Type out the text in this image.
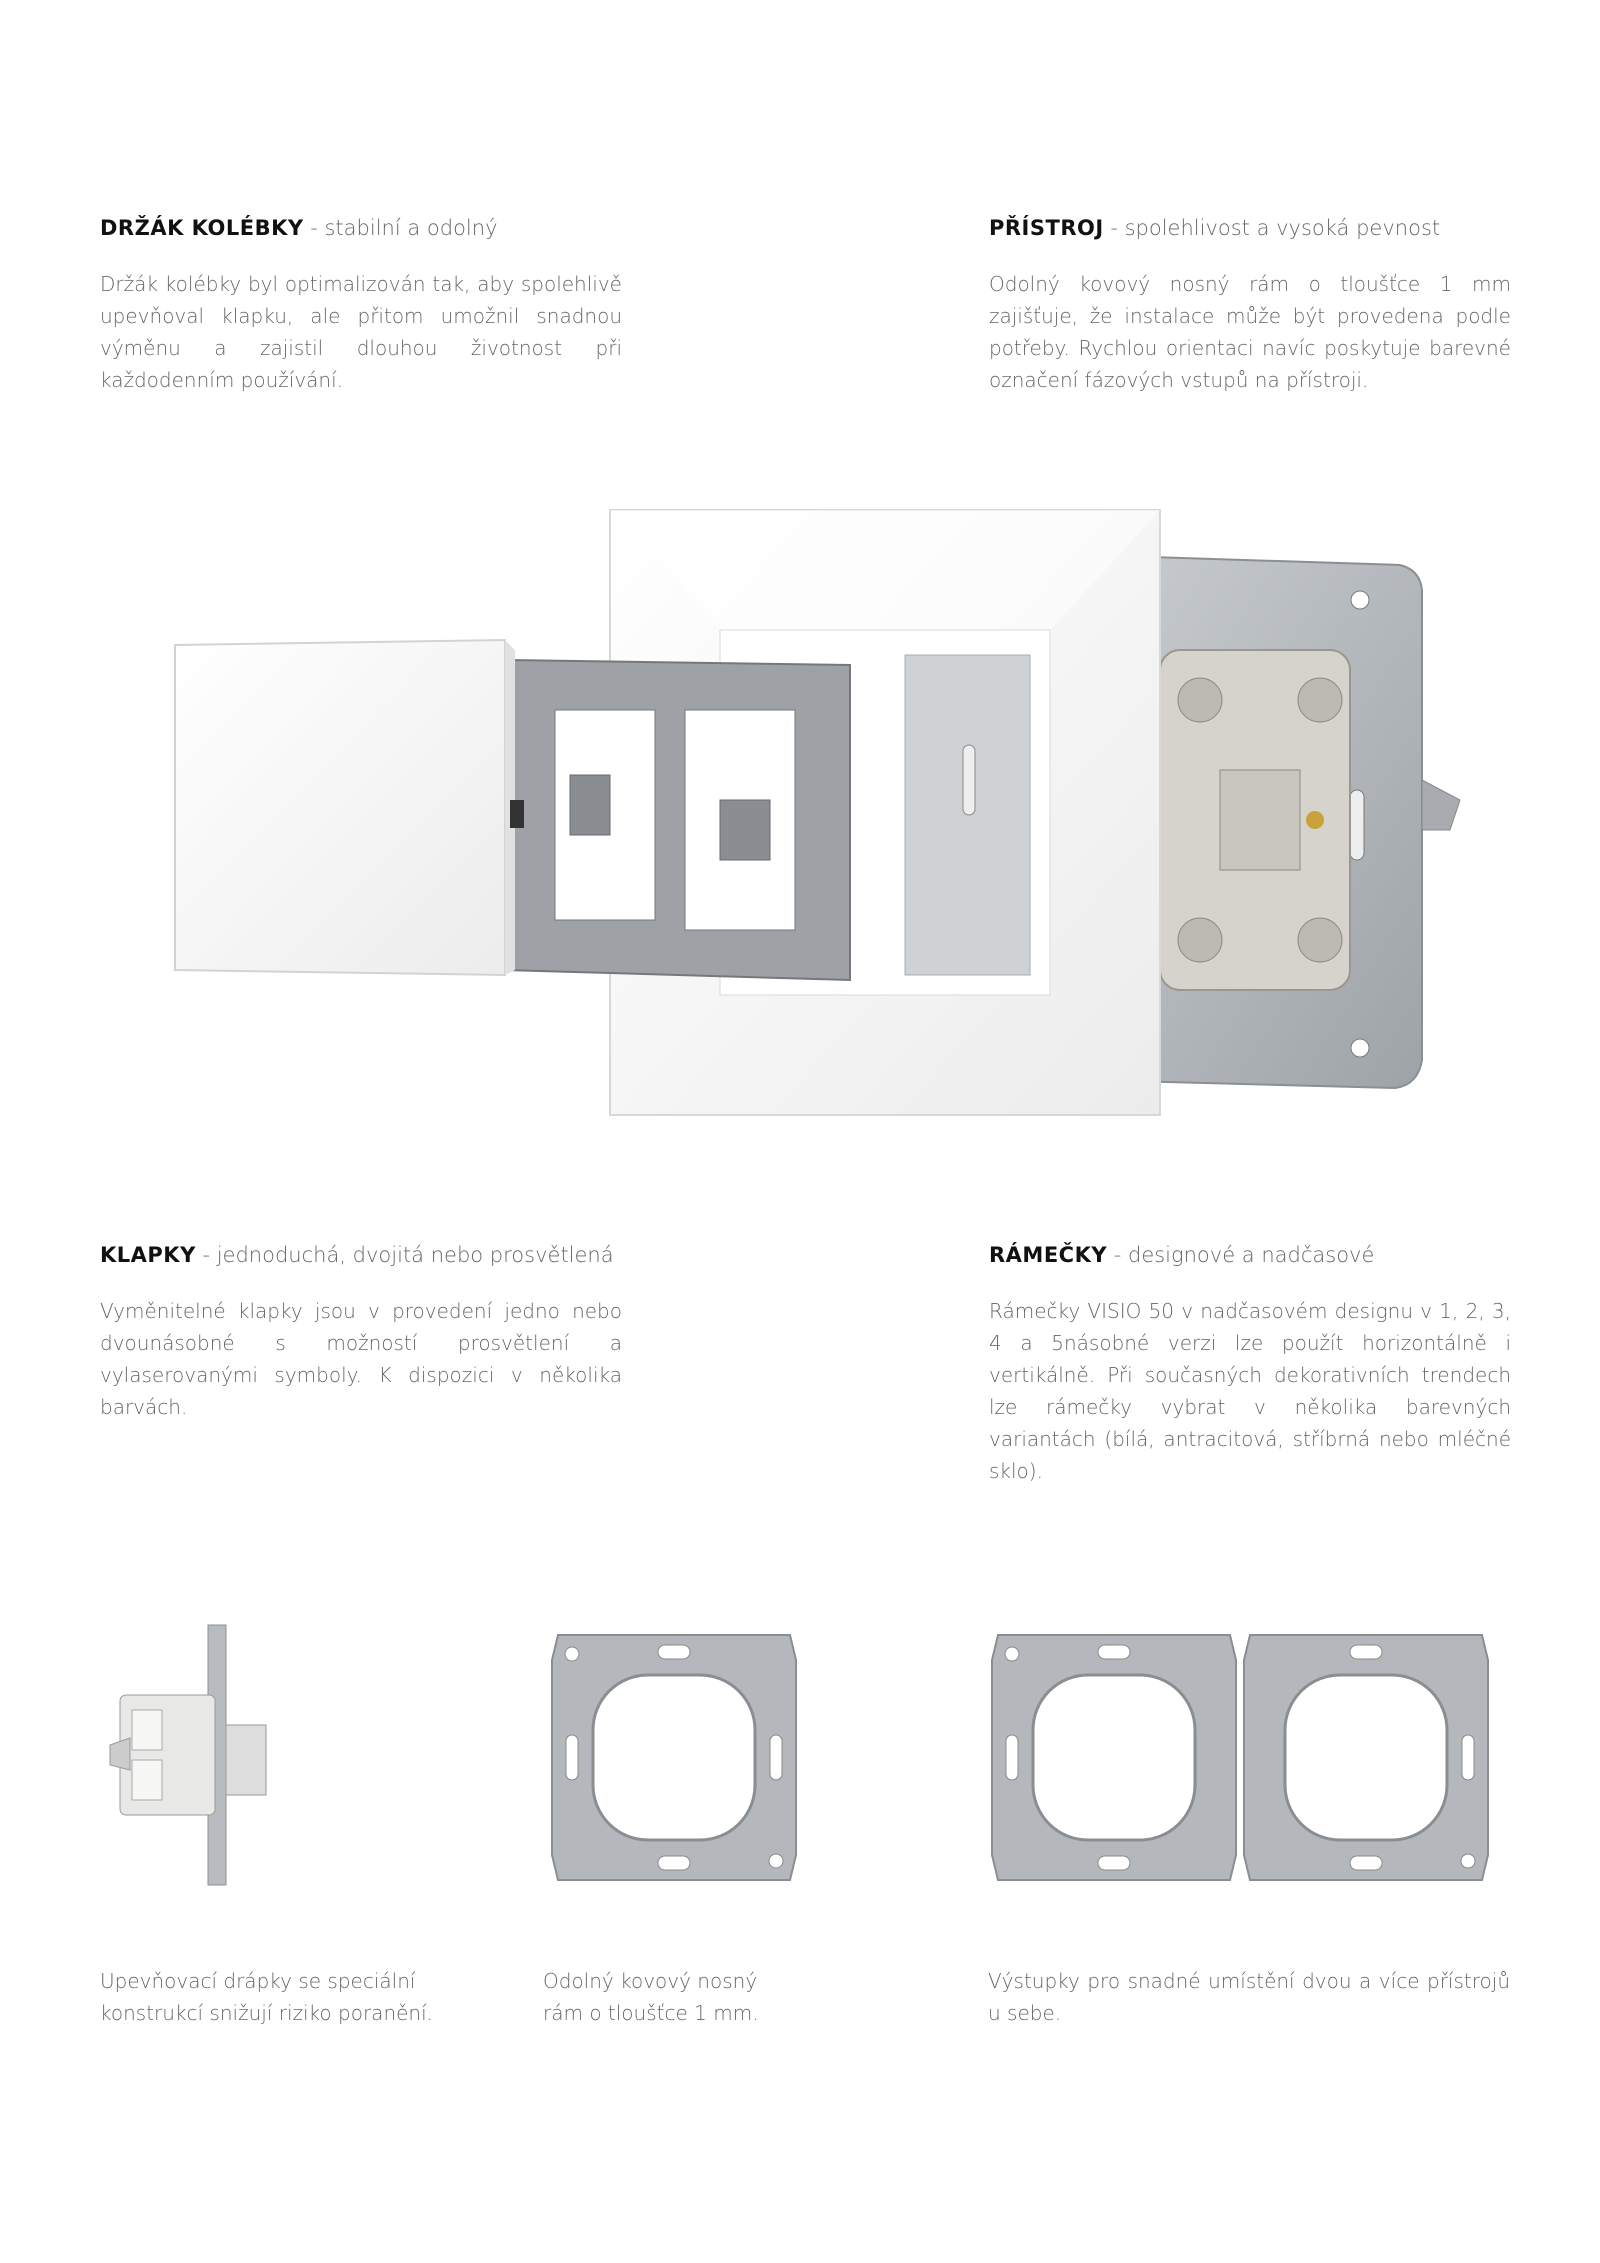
DRŽÁK KOLÉBKY - stabilní a odolný

Držák kolébky byl optimalizován tak, aby spolehlivě upevňoval klapku, ale přitom umožnil snadnou výměnu a zajistil dlouhou životnost při každodenním používání.

PŘÍSTROJ - spolehlivost a vysoká pevnost

Odolný kovový nosný rám o tloušťce 1 mm zajišťuje, že instalace může být provedena podle potřeby. Rychlou orientaci navíc poskytuje barevné označení fázových vstupů na přístroji.

KLAPKY - jednoduchá, dvojitá nebo prosvětlená

Vyměnitelné klapky jsou v provedení jedno nebo dvounásobné s možností prosvětlení a vylaserovanými symboly. K dispozici v několika barvách.

RÁMEČKY - designové a nadčasové

Rámečky VISIO 50 v nadčasovém designu v 1, 2, 3, 4 a 5násobné verzi lze použít horizontálně i vertikálně. Při současných dekorativních trendech lze rámečky vybrat v několika barevných variantách (bílá, antracitová, stříbrná nebo mléčné sklo).

Upevňovací drápky se speciální konstrukcí snižují riziko poranění.
Odolný kovový nosný rám o tloušťce 1 mm.
Výstupky pro snadné umístění dvou a více přístrojů u sebe.
